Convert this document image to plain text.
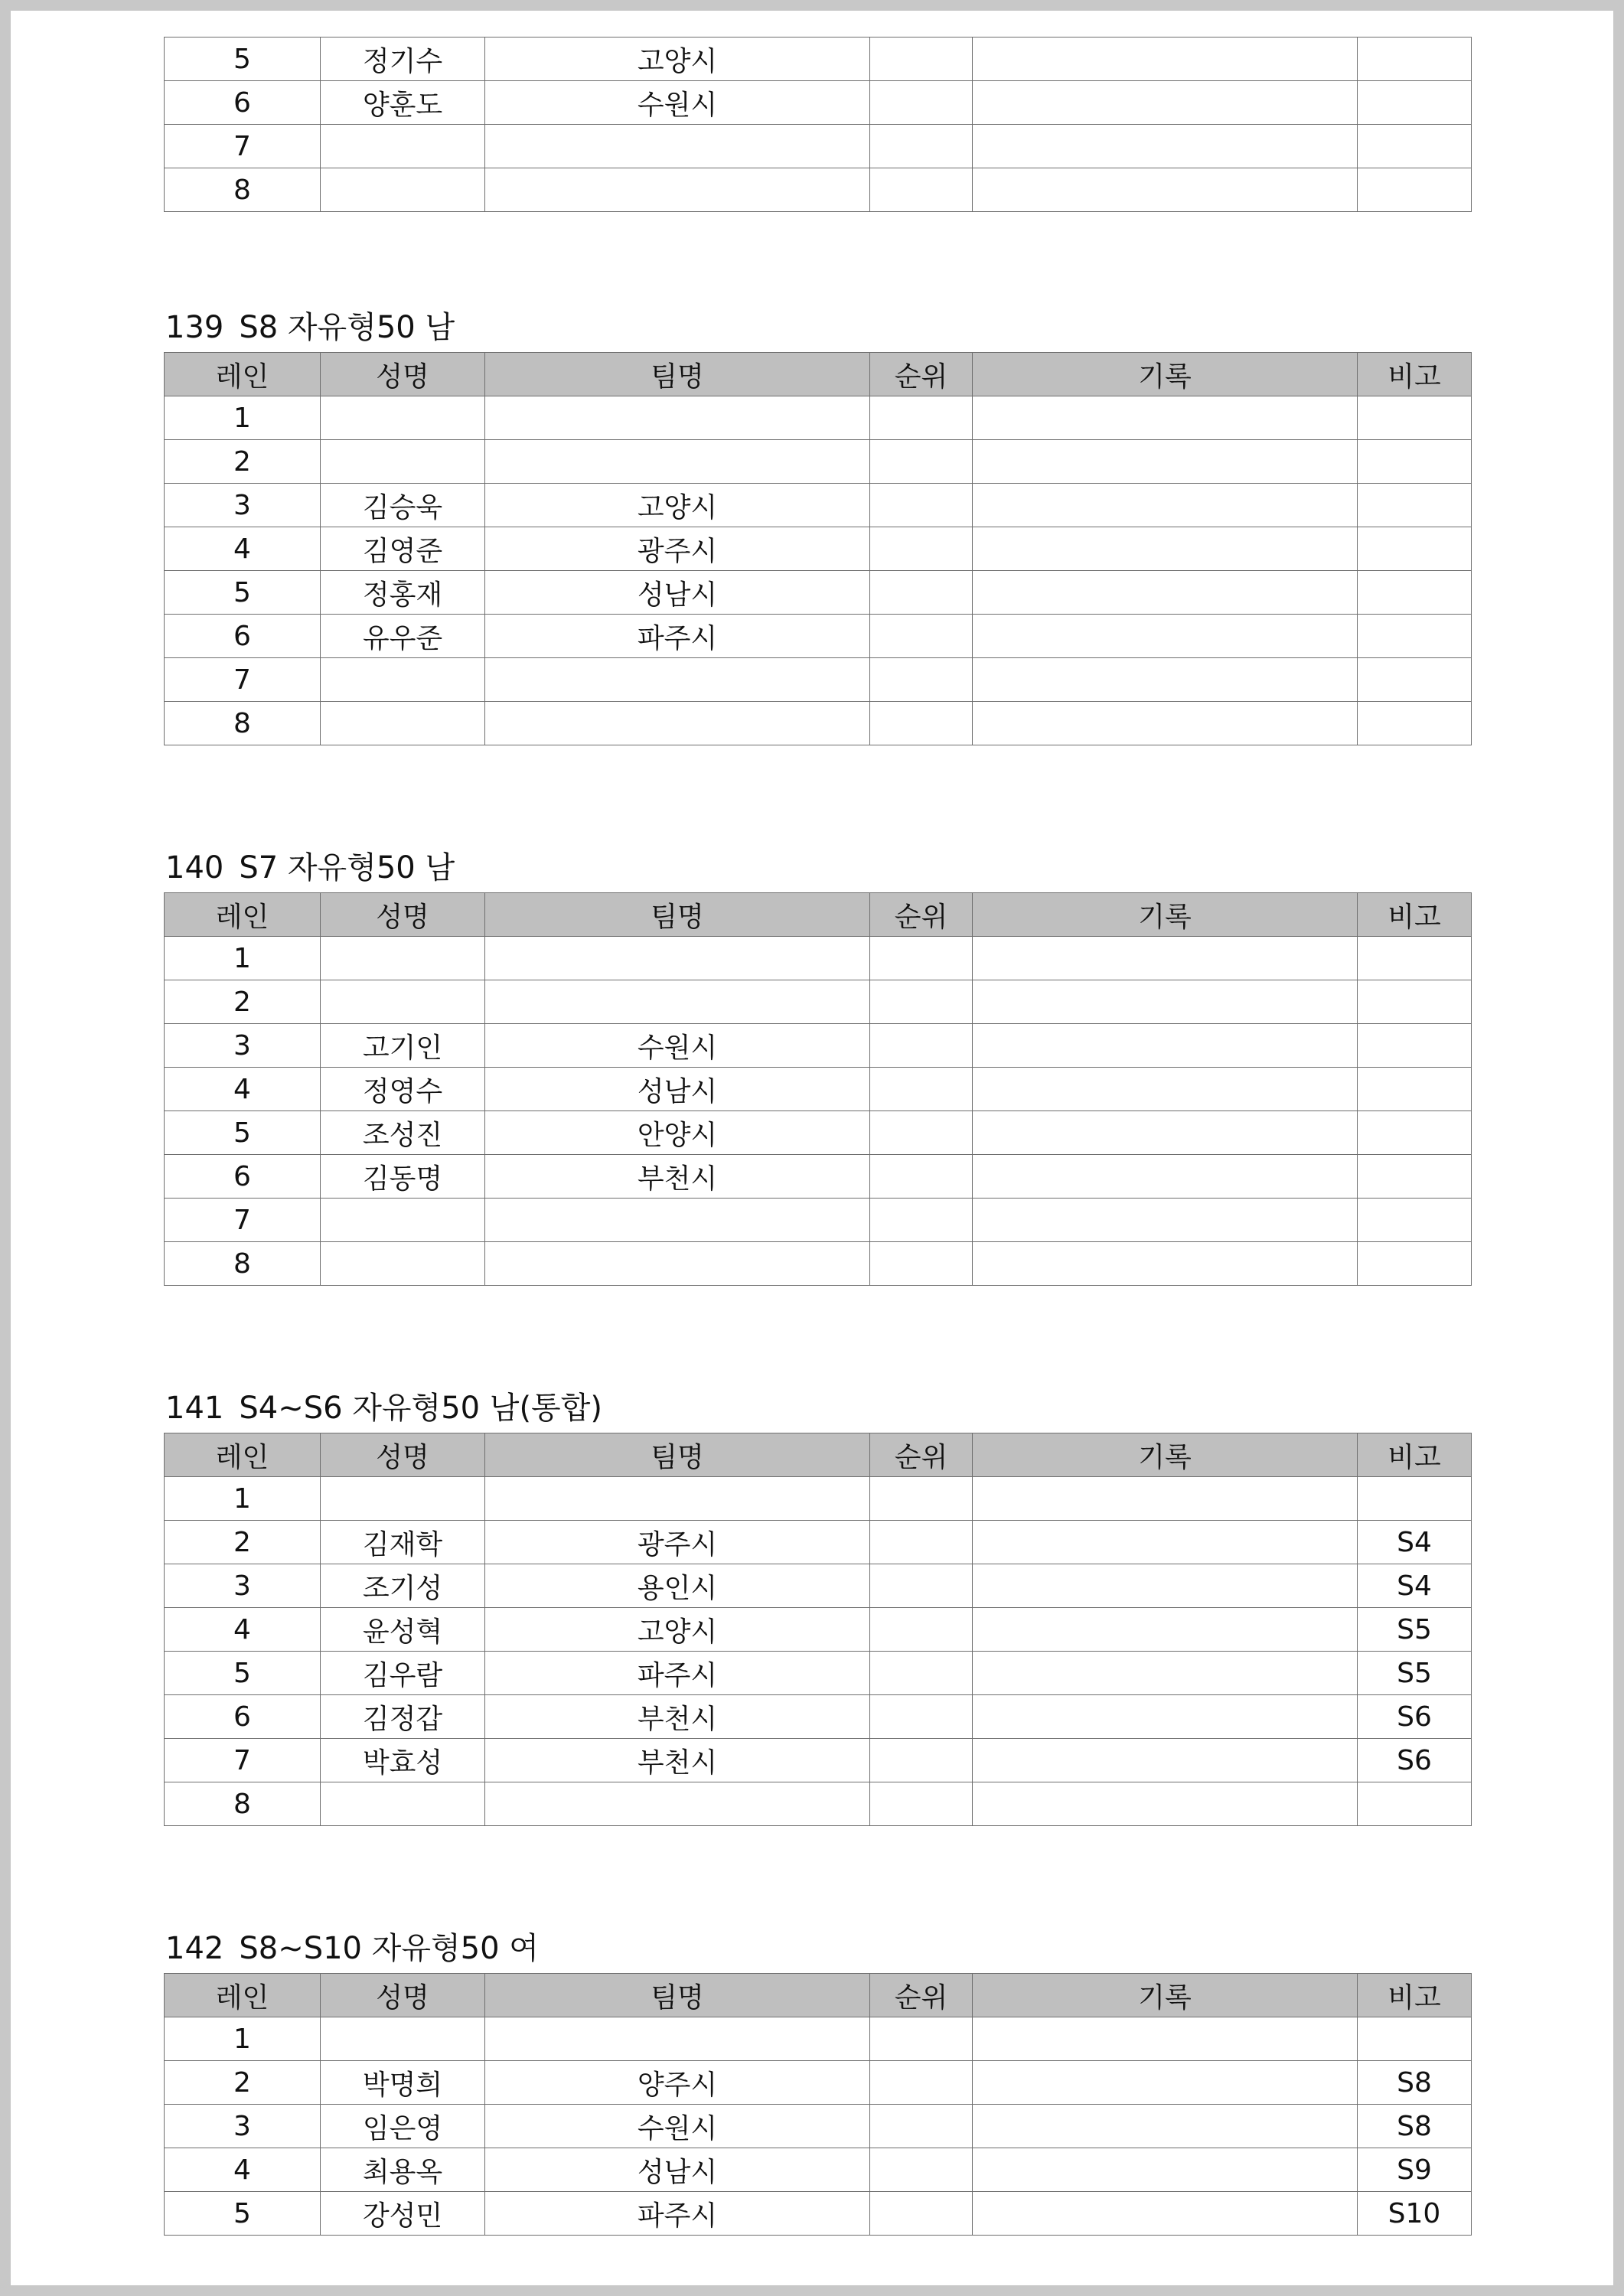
5	정기수	고양시			
6	양훈도	수원시			
7					
8					
139 S8 자유형50 남
레인	성명	팀명	순위	기록	비고
1					
2					
3	김승욱	고양시			
4	김영준	광주시			
5	정홍재	성남시			
6	유우준	파주시			
7					
8					
140 S7 자유형50 남
레인	성명	팀명	순위	기록	비고
1					
2					
3	고기인	수원시			
4	정영수	성남시			
5	조성진	안양시			
6	김동명	부천시			
7					
8					
141 S4~S6 자유형50 남(통합)
레인	성명	팀명	순위	기록	비고
1					
2	김재학	광주시			S4
3	조기성	용인시			S4
4	윤성혁	고양시			S5
5	김우람	파주시			S5
6	김정갑	부천시			S6
7	박효성	부천시			S6
8					
142 S8~S10 자유형50 여
레인	성명	팀명	순위	기록	비고
1					
2	박명희	양주시			S8
3	임은영	수원시			S8
4	최용옥	성남시			S9
5	강성민	파주시			S10
